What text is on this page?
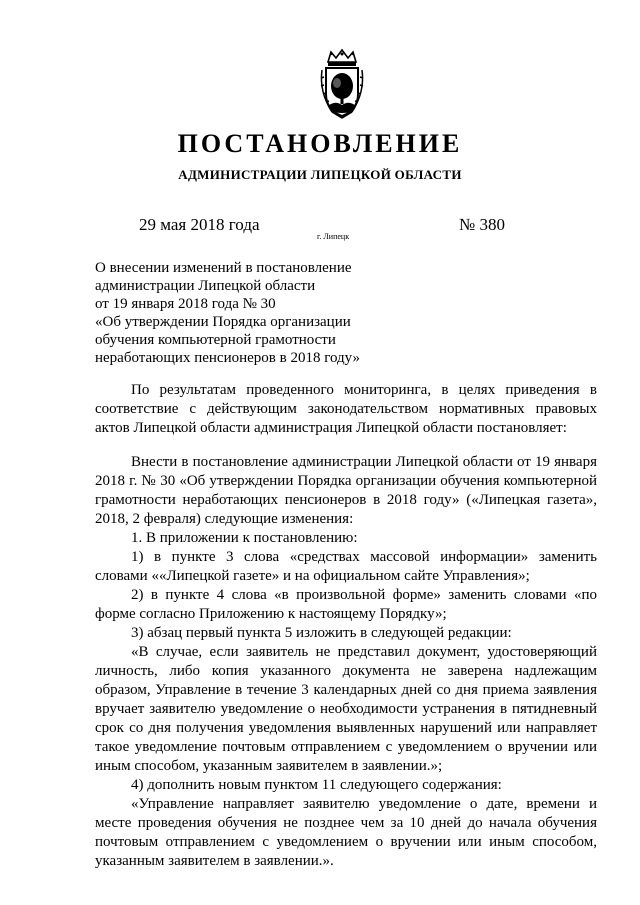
ПОСТАНОВЛЕНИЕ
АДМИНИСТРАЦИИ ЛИПЕЦКОЙ ОБЛАСТИ
29 мая 2018 года
г. Липецк
№ 380
О внесении изменений в постановление
администрации Липецкой области
от 19 января 2018 года № 30
«Об утверждении Порядка организации
обучения компьютерной грамотности
неработающих пенсионеров в 2018 году»

По результатам проведенного мониторинга, в целях приведения в соответствие с действующим законодательством нормативных правовых актов Липецкой области администрация Липецкой области постановляет:

Внести в постановление администрации Липецкой области от 19 января 2018 г. № 30 «Об утверждении Порядка организации обучения компьютерной грамотности неработающих пенсионеров в 2018 году» («Липецкая газета», 2018, 2 февраля) следующие изменения:

1. В приложении к постановлению:

1) в пункте 3 слова «средствах массовой информации» заменить словами ««Липецкой газете» и на официальном сайте Управления»;

2) в пункте 4 слова «в произвольной форме» заменить словами «по форме согласно Приложению к настоящему Порядку»;

3) абзац первый пункта 5 изложить в следующей редакции:

«В случае, если заявитель не представил документ, удостоверяющий личность, либо копия указанного документа не заверена надлежащим образом, Управление в течение 3 календарных дней со дня приема заявления вручает заявителю уведомление о необходимости устранения в пятидневный срок со дня получения уведомления выявленных нарушений или направляет такое уведомление почтовым отправлением с уведомлением о вручении или иным способом, указанным заявителем в заявлении.»;

4) дополнить новым пунктом 11 следующего содержания:

«Управление направляет заявителю уведомление о дате, времени и месте проведения обучения не позднее чем за 10 дней до начала обучения почтовым отправлением с уведомлением о вручении или иным способом, указанным заявителем в заявлении.».
